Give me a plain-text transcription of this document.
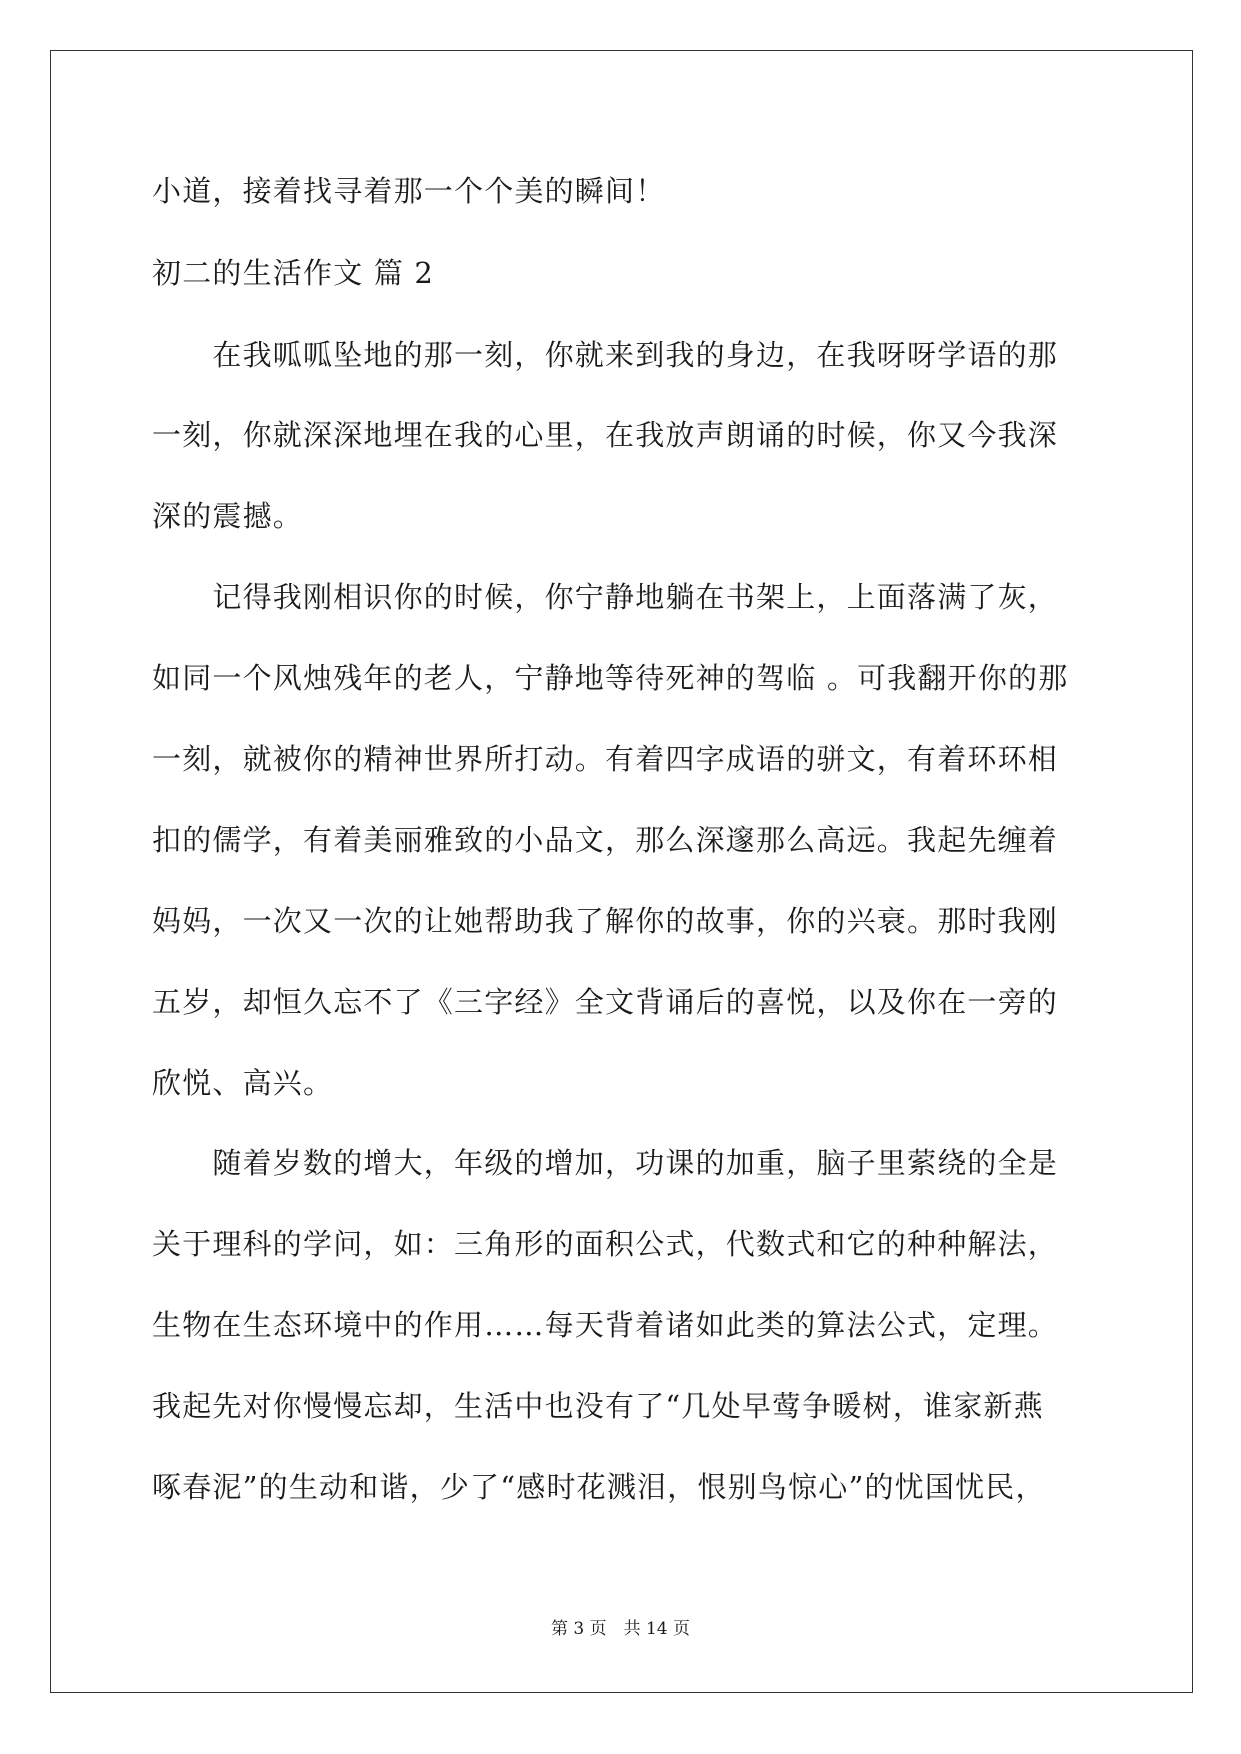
小道，接着找寻着那一个个美的瞬间！
初二的生活作文 篇 2
　　在我呱呱坠地的那一刻，你就来到我的身边，在我呀呀学语的那
一刻，你就深深地埋在我的心里，在我放声朗诵的时候，你又今我深
深的震撼。
　　记得我刚相识你的时候，你宁静地躺在书架上，上面落满了灰，
如同一个风烛残年的老人，宁静地等待死神的驾临 。可我翻开你的那
一刻，就被你的精神世界所打动。有着四字成语的骈文，有着环环相
扣的儒学，有着美丽雅致的小品文，那么深邃那么高远。我起先缠着
妈妈，一次又一次的让她帮助我了解你的故事，你的兴衰。那时我刚
五岁，却恒久忘不了《三字经》全文背诵后的喜悦，以及你在一旁的
欣悦、高兴。
　　随着岁数的增大，年级的增加，功课的加重，脑子里萦绕的全是
关于理科的学问，如：三角形的面积公式，代数式和它的种种解法，
生物在生态环境中的作用……每天背着诸如此类的算法公式，定理。
我起先对你慢慢忘却，生活中也没有了“几处早莺争暖树，谁家新燕
啄春泥”的生动和谐，少了“感时花溅泪，恨别鸟惊心”的忧国忧民，
第 3 页　共 14 页
